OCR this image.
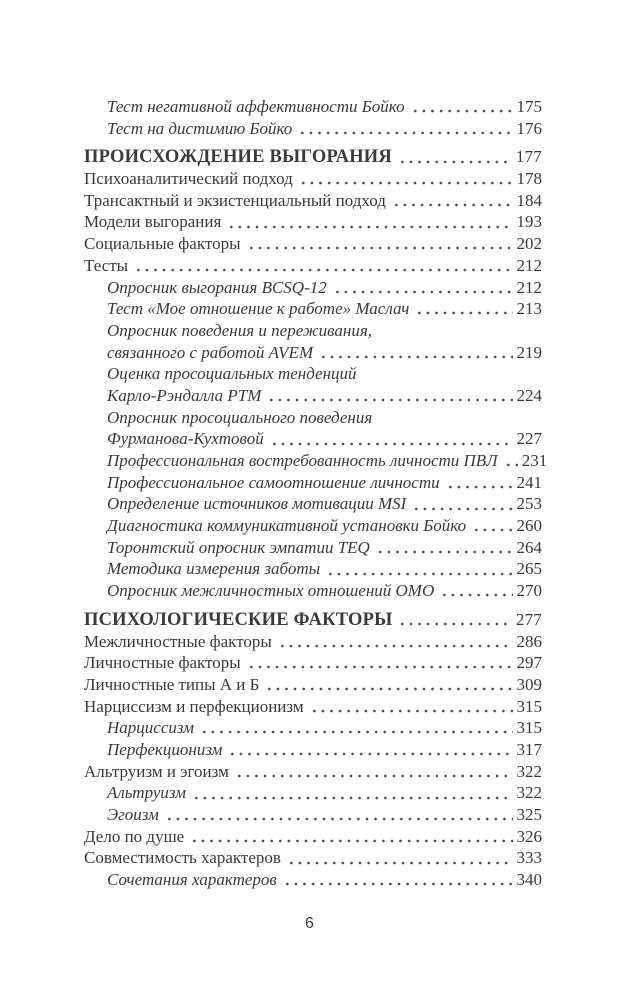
Тест негативной аффективности Бойко	175
Тест на дистимию Бойко	176
ПРОИСХОЖДЕНИЕ ВЫГОРАНИЯ	177
Психоаналитический подход	178
Трансактный и экзистенциальный подход	184
Модели выгорания	193
Социальные факторы	202
Тесты	212
Опросник выгорания BCSQ-12	212
Тест «Мое отношение к работе» Маслач	213
Опросник поведения и переживания,
связанного с работой AVEM	219
Оценка просоциальных тенденций
Карло-Рэндалла PTM	224
Опросник просоциального поведения
Фурманова-Кухтовой	227
Профессиональная востребованность личности ПВЛ 231
Профессиональное самоотношение личности	241
Определение источников мотивации MSI	253
Диагностика коммуникативной установки Бойко	260
Торонтский опросник эмпатии TEQ	264
Методика измерения заботы	265
Опросник межличностных отношений ОМО	270
ПСИХОЛОГИЧЕСКИЕ ФАКТОРЫ	277
Межличностные факторы	286
Личностные факторы	297
Личностные типы А и Б	309
Нарциссизм и перфекционизм	315
Нарциссизм	315
Перфекционизм	317
Альтруизм и эгоизм	322
Альтруизм	322
Эгоизм	325
Дело по душе	326
Совместимость характеров	333
Сочетания характеров	340
6
